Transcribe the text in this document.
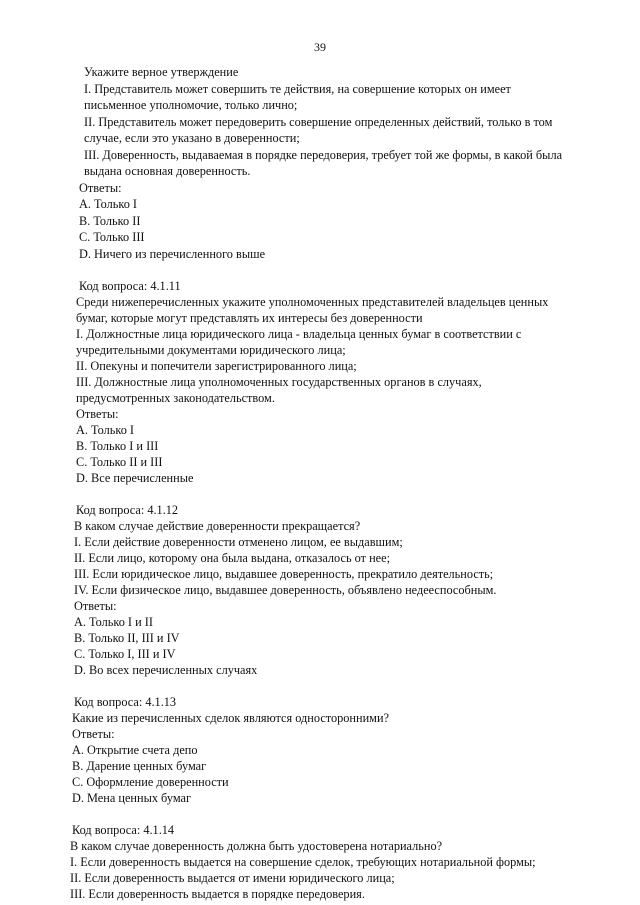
39
Укажите верное утверждение
I. Представитель может совершить те действия, на совершение которых он имеет
письменное уполномочие, только лично;
II. Представитель может передоверить совершение определенных действий, только в том
случае, если это указано в доверенности;
III. Доверенность, выдаваемая в порядке передоверия, требует той же формы, в какой была
выдана основная доверенность.
Ответы:
A. Только I
B. Только II
C. Только III
D. Ничего из перечисленного выше
Код вопроса: 4.1.11
Среди нижеперечисленных укажите уполномоченных представителей владельцев ценных
бумаг, которые могут представлять их интересы без доверенности
I. Должностные лица юридического лица - владельца ценных бумаг в соответствии с
учредительными документами юридического лица;
II. Опекуны и попечители зарегистрированного лица;
III. Должностные лица уполномоченных государственных органов в случаях,
предусмотренных законодательством.
Ответы:
A. Только I
B. Только I и III
C. Только II и III
D. Все перечисленные
Код вопроса: 4.1.12
В каком случае действие доверенности прекращается?
I. Если действие доверенности отменено лицом, ее выдавшим;
II. Если лицо, которому она была выдана, отказалось от нее;
III. Если юридическое лицо, выдавшее доверенность, прекратило деятельность;
IV. Если физическое лицо, выдавшее доверенность, объявлено недееспособным.
Ответы:
A. Только I и II
B. Только II, III и IV
C. Только I, III и IV
D. Во всех перечисленных случаях
Код вопроса: 4.1.13
Какие из перечисленных сделок являются односторонними?
Ответы:
A. Открытие счета депо
B. Дарение ценных бумаг
C. Оформление доверенности
D. Мена ценных бумаг
Код вопроса: 4.1.14
В каком случае доверенность должна быть удостоверена нотариально?
I. Если доверенность выдается на совершение сделок, требующих нотариальной формы;
II. Если доверенность выдается от имени юридического лица;
III. Если доверенность выдается в порядке передоверия.
